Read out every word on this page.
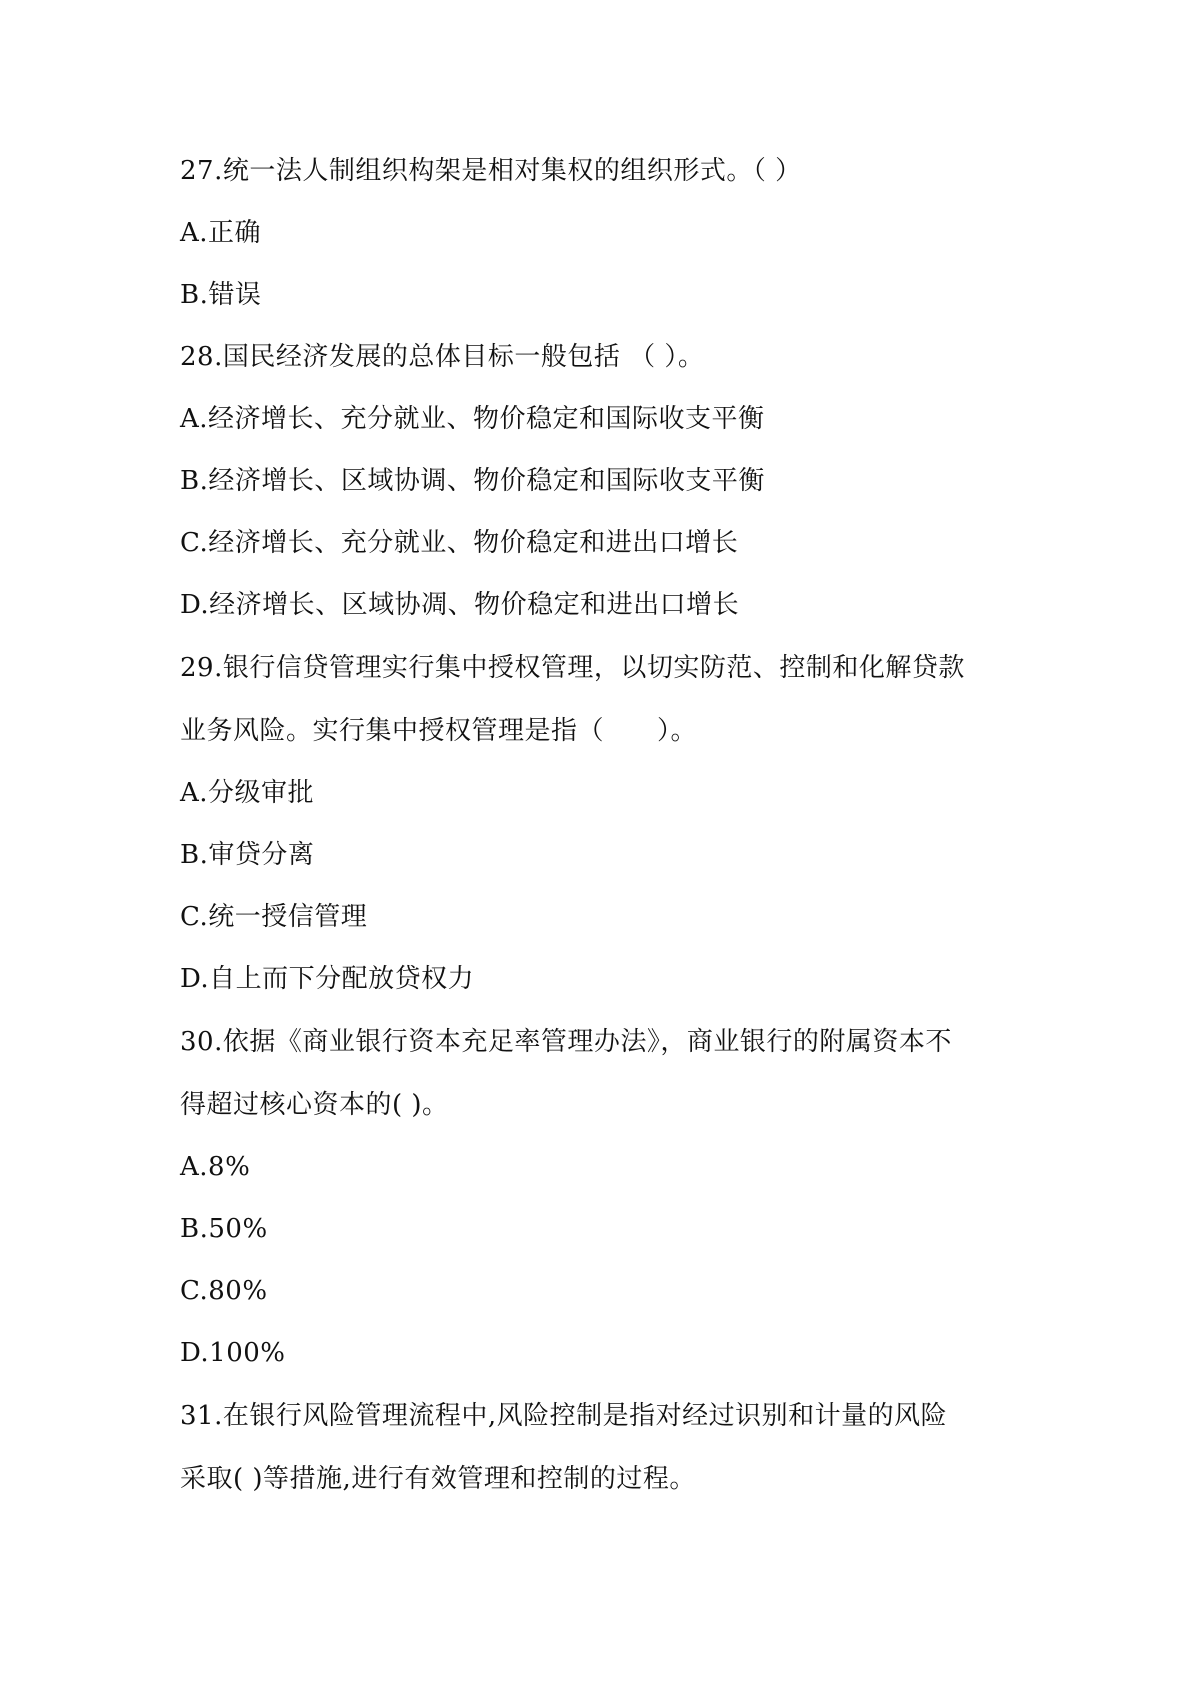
27.统一法人制组织构架是相对集权的组织形式。（ ）
A.正确
B.错误
28.国民经济发展的总体目标一般包括 （ ）。
A.经济增长、充分就业、物价稳定和国际收支平衡
B.经济增长、区域协调、物价稳定和国际收支平衡
C.经济增长、充分就业、物价稳定和进出口增长
D.经济增长、区域协凋、物价稳定和进出口增长
29.银行信贷管理实行集中授权管理，以切实防范、控制和化解贷款
业务风险。实行集中授权管理是指（　　）。
A.分级审批
B.审贷分离
C.统一授信管理
D.自上而下分配放贷权力
30.依据《商业银行资本充足率管理办法》，商业银行的附属资本不
得超过核心资本的( )。
A.8%
B.50%
C.80%
D.100%
31.在银行风险管理流程中,风险控制是指对经过识别和计量的风险
采取( )等措施,进行有效管理和控制的过程。
